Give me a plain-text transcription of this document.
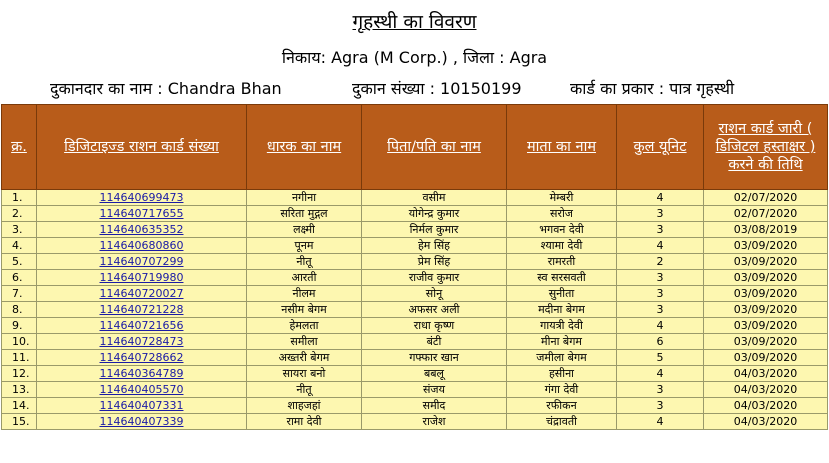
गृहस्थी का विवरण
निकाय: Agra (M Corp.) , जिला : Agra
दुकानदार का नाम : Chandra Bhan	दुकान संख्या : 10150199	कार्ड का प्रकार : पात्र गृहस्थी
क्र.	डिजिटाइज्ड राशन कार्ड संख्या	धारक का नाम	पिता/पति का नाम	माता का नाम	कुल यूनिट	राशन कार्ड जारी ( डिजिटल हस्ताक्षर ) करने की तिथि
1.	114640699473	नगीना	वसीम	मेम्बरी	4	02/07/2020
2.	114640717655	सरिता मुद्गल	योगेन्द्र कुमार	सरोज	3	02/07/2020
3.	114640635352	लक्ष्मी	निर्मल कुमार	भगवन देवी	3	03/08/2019
4.	114640680860	पूनम	हेम सिंह	श्यामा देवी	4	03/09/2020
5.	114640707299	नीतू	प्रेम सिंह	रामरती	2	03/09/2020
6.	114640719980	आरती	राजीव कुमार	स्व सरसवती	3	03/09/2020
7.	114640720027	नीलम	सोनू	सुनीता	3	03/09/2020
8.	114640721228	नसीम बेगम	अफसर अली	मदीना बेगम	3	03/09/2020
9.	114640721656	हेमलता	राधा कृष्ण	गायत्री देवी	4	03/09/2020
10.	114640728473	समीला	बंटी	मीना बेगम	6	03/09/2020
11.	114640728662	अख्तरी बेगम	गफ्फार खान	जमीला बेगम	5	03/09/2020
12.	114640364789	सायरा बनो	बबलू	हसीना	4	04/03/2020
13.	114640405570	नीतू	संजय	गंगा देवी	3	04/03/2020
14.	114640407331	शाहजहां	समीद	रफीकन	3	04/03/2020
15.	114640407339	रामा देवी	राजेश	चंद्रावती	4	04/03/2020
